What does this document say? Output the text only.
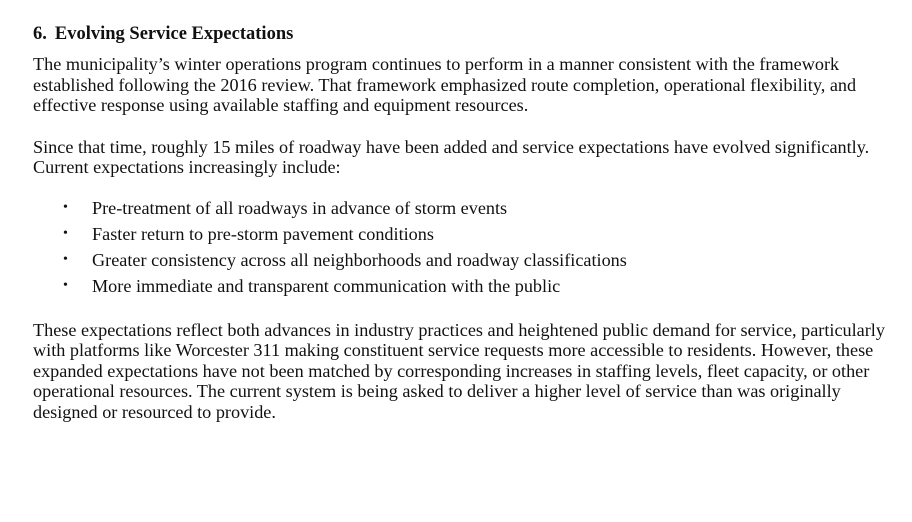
6. Evolving Service Expectations

The municipality’s winter operations program continues to perform in a manner consistent with the framework established following the 2016 review. That framework emphasized route completion, operational flexibility, and effective response using available staffing and equipment resources.

Since that time, roughly 15 miles of roadway have been added and service expectations have evolved significantly. Current expectations increasingly include:

• Pre-treatment of all roadways in advance of storm events
• Faster return to pre-storm pavement conditions
• Greater consistency across all neighborhoods and roadway classifications
• More immediate and transparent communication with the public

These expectations reflect both advances in industry practices and heightened public demand for service, particularly with platforms like Worcester 311 making constituent service requests more accessible to residents. However, these expanded expectations have not been matched by corresponding increases in staffing levels, fleet capacity, or other operational resources. The current system is being asked to deliver a higher level of service than was originally designed or resourced to provide.
